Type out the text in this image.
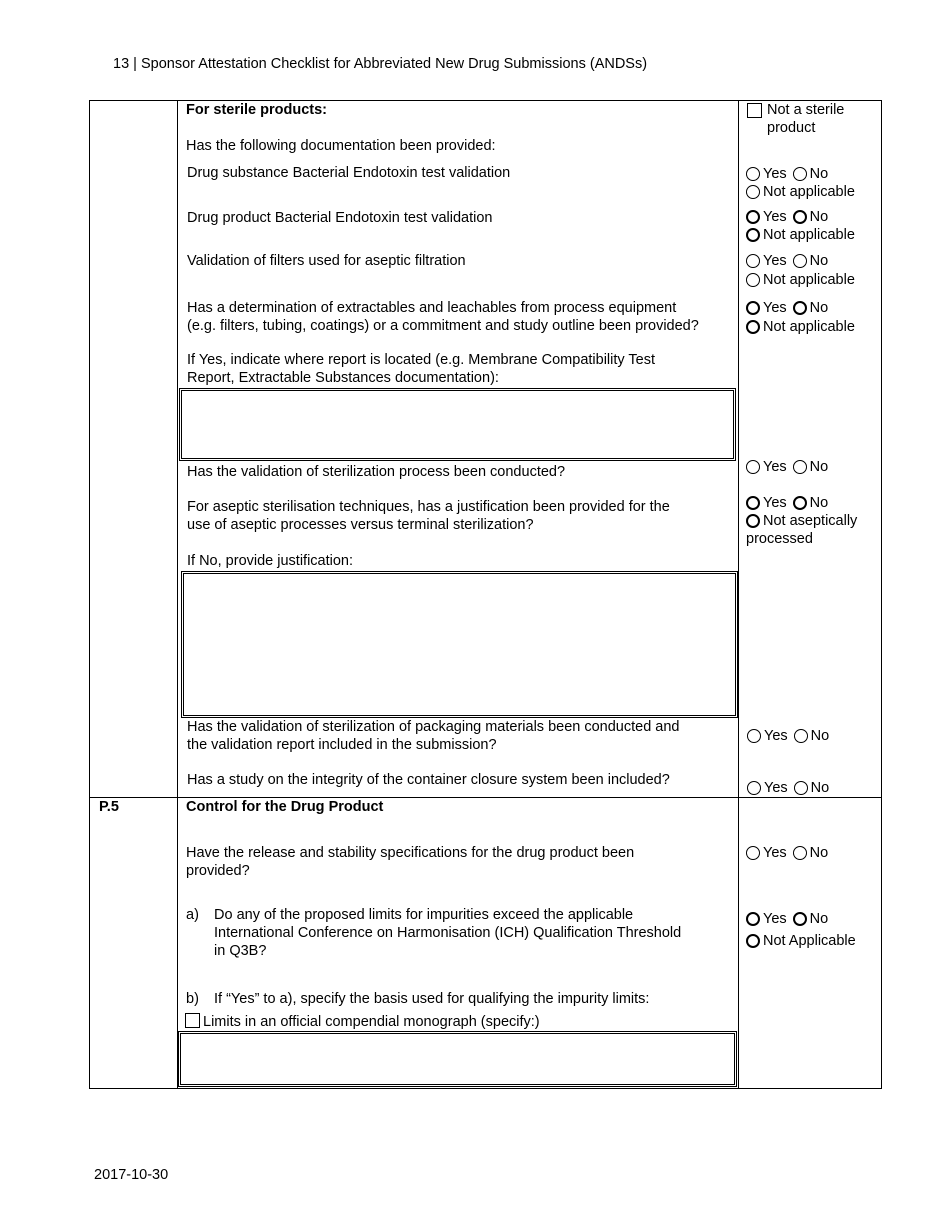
13 | Sponsor Attestation Checklist for Abbreviated New Drug Submissions (ANDSs)
For sterile products:	Not a sterile
product
Has the following documentation been provided:
Drug substance Bacterial Endotoxin test validation	Yes No
Not applicable
Drug product Bacterial Endotoxin test validation	Yes No
Not applicable
Validation of filters used for aseptic filtration	Yes No
Not applicable
Has a determination of extractables and leachables from process equipment
(e.g. filters, tubing, coatings) or a commitment and study outline been provided?
Yes No
Not applicable
If Yes, indicate where report is located (e.g. Membrane Compatibility Test
Report, Extractable Substances documentation):
Has the validation of sterilization process been conducted?	Yes No
For aseptic sterilisation techniques, has a justification been provided for the
use of aseptic processes versus terminal sterilization?
Yes No
Not aseptically
processed
If No, provide justification:
Has the validation of sterilization of packaging materials been conducted and
the validation report included in the submission?
Yes No
Has a study on the integrity of the container closure system been included?	Yes No
P.5	Control for the Drug Product
Have the release and stability specifications for the drug product been
provided?
Yes No
a) Do any of the proposed limits for impurities exceed the applicable
International Conference on Harmonisation (ICH) Qualification Threshold
in Q3B?
Yes No
Not Applicable
b) If “Yes” to a), specify the basis used for qualifying the impurity limits:
Limits in an official compendial monograph (specify:)
2017-10-30
